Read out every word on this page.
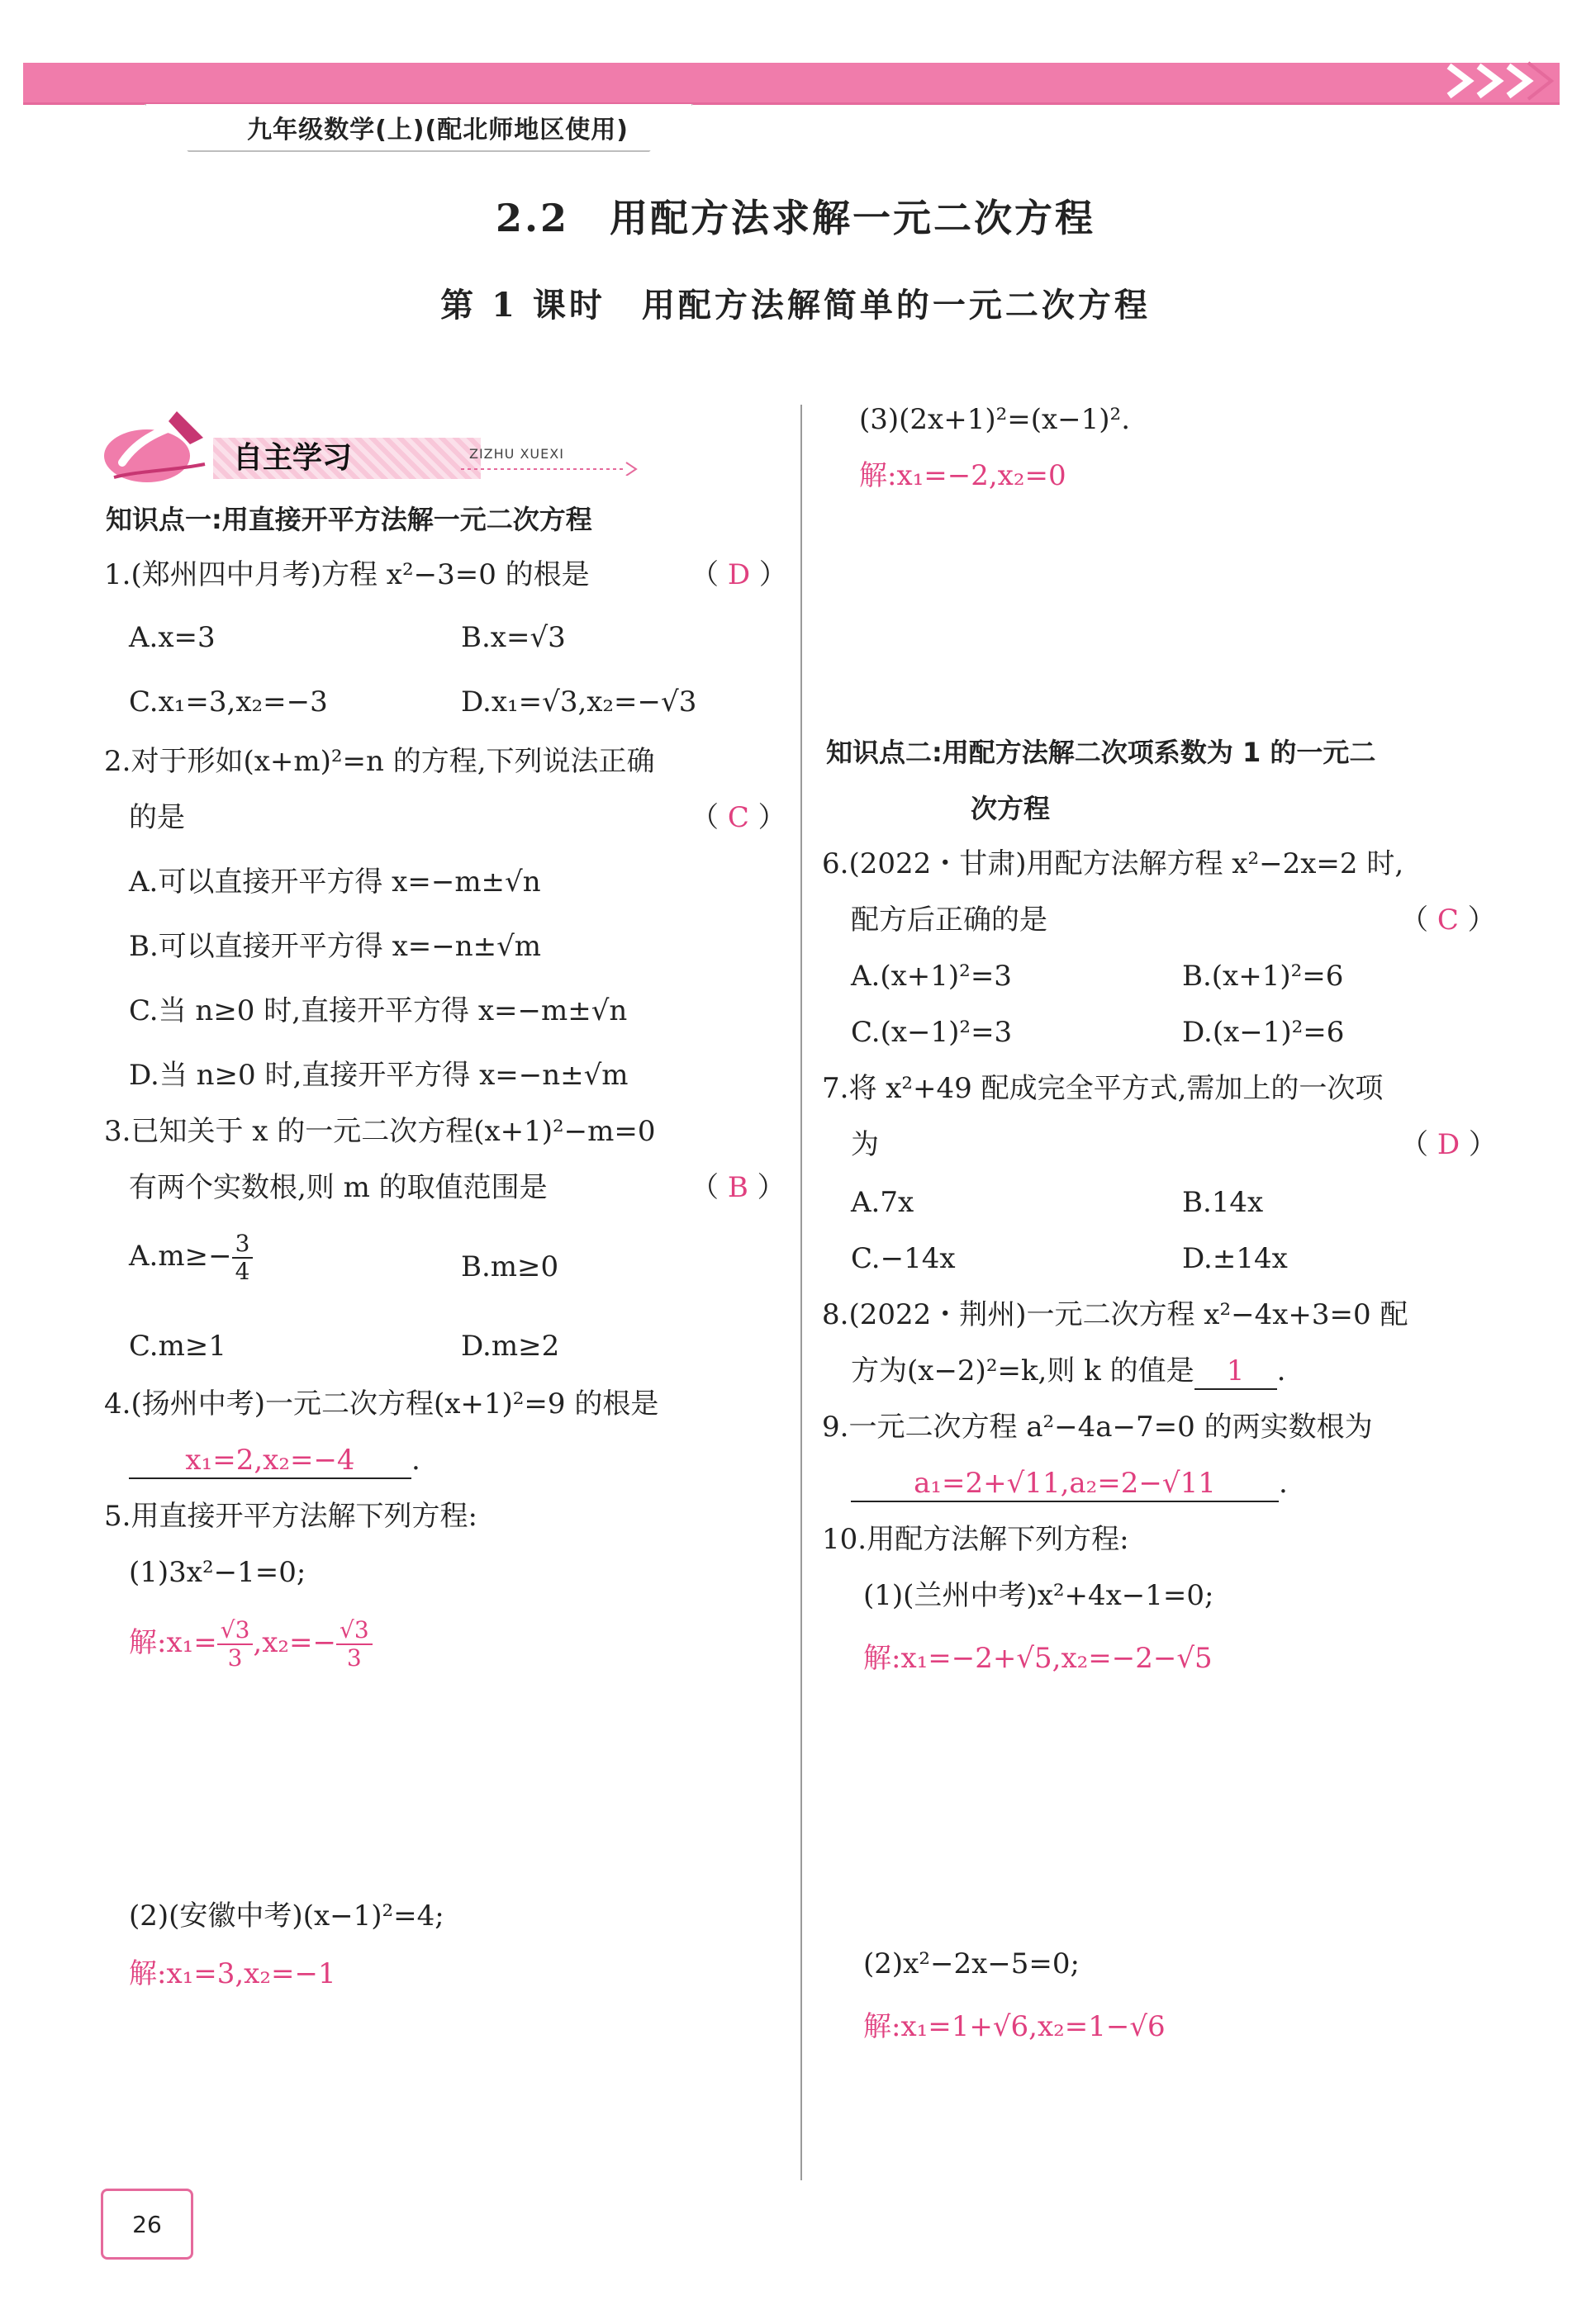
九年级数学(上)(配北师地区使用)
2.2　用配方法求解一元二次方程
第 1 课时　用配方法解简单的一元二次方程
自主学习	ZIZHU XUEXI
知识点一:用直接开平方法解一元二次方程
1.(郑州四中月考)方程 x²−3=0 的根是	（ D ）
A.x=3	B.x=√3
C.x₁=3,x₂=−3	D.x₁=√3,x₂=−√3
2.对于形如(x+m)²=n 的方程,下列说法正确
的是	（ C ）
A.可以直接开平方得 x=−m±√n
B.可以直接开平方得 x=−n±√m
C.当 n≥0 时,直接开平方得 x=−m±√n
D.当 n≥0 时,直接开平方得 x=−n±√m
3.已知关于 x 的一元二次方程(x+1)²−m=0
有两个实数根,则 m 的取值范围是	（ B ）
$A.m\ge- \frac{3}{4}$	B.m≥0
C.m≥1	D.m≥2
4.(扬州中考)一元二次方程(x+1)²=9 的根是
x₁=2,x₂=−4 .
5.用直接开平方法解下列方程:
(1)3x²−1=0;
解:x₁= $\frac{√3}{3} ,x_2=- \frac{√3}{3}$
(2)(安徽中考)(x−1)²=4;
解:x₁=3,x₂=−1
(3)(2x+1)²=(x−1)².
解:x₁=−2,x₂=0
知识点二:用配方法解二次项系数为 1 的一元二
次方程
6.(2022・甘肃)用配方法解方程 x²−2x=2 时,
配方后正确的是	（ C ）
A.(x+1)²=3	B.(x+1)²=6
C.(x−1)²=3	D.(x−1)²=6
7.将 x²+49 配成完全平方式,需加上的一次项
为	（ D ）
A.7x	B.14x
C.−14x	D.±14x
8.(2022・荆州)一元二次方程 x²−4x+3=0 配
方为(x−2)²=k,则 k 的值是 1 .
9.一元二次方程 a²−4a−7=0 的两实数根为
a₁=2+√11,a₂=2−√11 .
10.用配方法解下列方程:
(1)(兰州中考)x²+4x−1=0;
解:x₁=−2+√5,x₂=−2−√5
(2)x²−2x−5=0;
解:x₁=1+√6,x₂=1−√6
26
